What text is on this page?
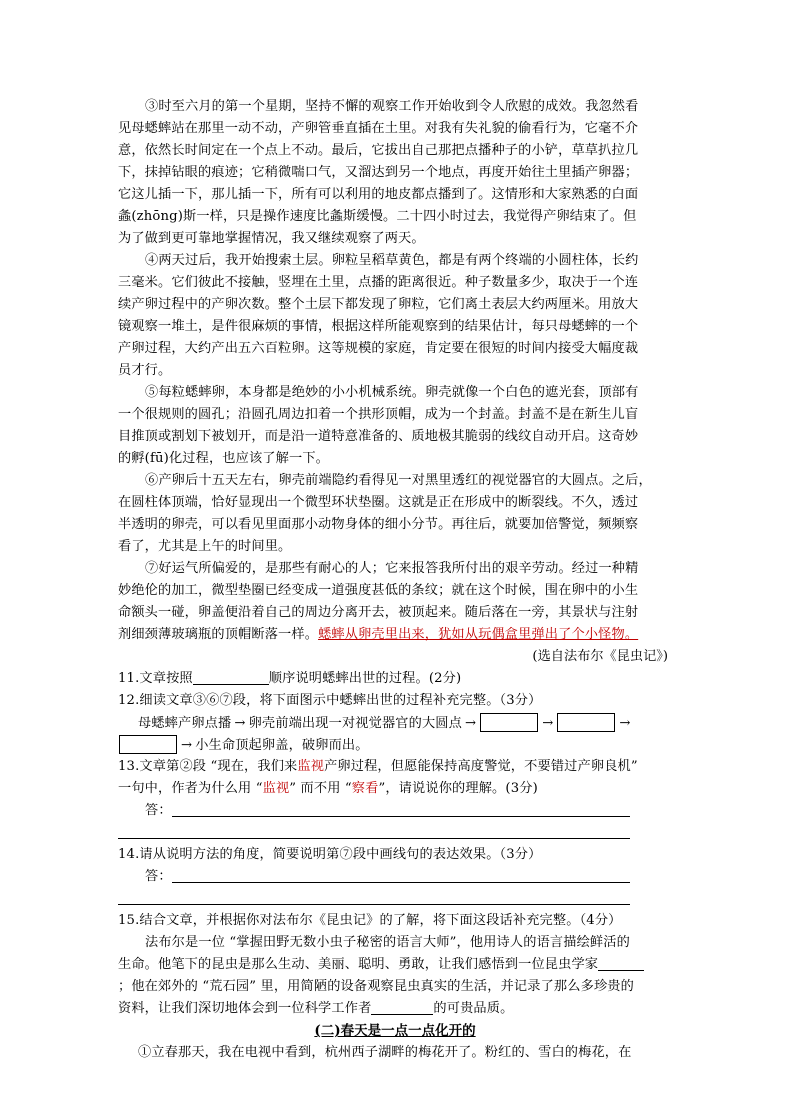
③时至六月的第一个星期，坚持不懈的观察工作开始收到令人欣慰的成效。我忽然看
见母蟋蟀站在那里一动不动，产卵管垂直插在土里。对我有失礼貌的偷看行为，它毫不介
意，依然长时间定在一个点上不动。最后，它拔出自己那把点播种子的小铲，草草扒拉几
下，抹掉钻眼的痕迹；它稍微喘口气，又溜达到另一个地点，再度开始往土里插产卵器；
它这儿插一下，那儿插一下，所有可以利用的地皮都点播到了。这情形和大家熟悉的白面
螽(zhōng)斯一样，只是操作速度比螽斯缓慢。二十四小时过去，我觉得产卵结束了。但
为了做到更可靠地掌握情况，我又继续观察了两天。
④两天过后，我开始搜索土层。卵粒呈稻草黄色，都是有两个终端的小圆柱体，长约
三毫米。它们彼此不接触，竖埋在土里，点播的距离很近。种子数量多少，取决于一个连
续产卵过程中的产卵次数。整个土层下都发现了卵粒，它们离土表层大约两厘米。用放大
镜观察一堆土，是件很麻烦的事情，根据这样所能观察到的结果估计，每只母蟋蟀的一个
产卵过程，大约产出五六百粒卵。这等规模的家庭，肯定要在很短的时间内接受大幅度裁
员才行。
⑤每粒蟋蟀卵，本身都是绝妙的小小机械系统。卵壳就像一个白色的遮光套，顶部有
一个很规则的圆孔；沿圆孔周边扣着一个拱形顶帽，成为一个封盖。封盖不是在新生儿盲
目推顶或割划下被划开，而是沿一道特意准备的、质地极其脆弱的线纹自动开启。这奇妙
的孵(fū)化过程，也应该了解一下。
⑥产卵后十五天左右，卵壳前端隐约看得见一对黑里透红的视觉器官的大圆点。之后，
在圆柱体顶端，恰好显现出一个微型环状垫圈。这就是正在形成中的断裂线。不久，透过
半透明的卵壳，可以看见里面那小动物身体的细小分节。再往后，就要加倍警觉，频频察
看了，尤其是上午的时间里。
⑦好运气所偏爱的，是那些有耐心的人；它来报答我所付出的艰辛劳动。经过一种精
妙绝伦的加工，微型垫圈已经变成一道强度甚低的条纹；就在这个时候，围在卵中的小生
命额头一碰，卵盖便沿着自己的周边分离开去，被顶起来。随后落在一旁，其景状与注射
剂细颈薄玻璃瓶的顶帽断落一样。蟋蟀从卵壳里出来，犹如从玩偶盒里弹出了个小怪物。
(选自法布尔《昆虫记》)
11.文章按照	顺序说明蟋蟀出世的过程。(2分)
12.细读文章③⑥⑦段，将下面图示中蟋蟀出世的过程补充完整。（3分）
母蟋蟀产卵点播 → 卵壳前端出现一对视觉器官的大圆点 →	→	→
→ 小生命顶起卵盖，破卵而出。
13.文章第②段 “现在，我们来监视产卵过程，但愿能保持高度警觉，不要错过产卵良机”
一句中，作者为什么用 “监视” 而不用 “察看”，请说说你的理解。(3分)
答：
14.请从说明方法的角度，简要说明第⑦段中画线句的表达效果。（3分）
答：
15.结合文章，并根据你对法布尔《昆虫记》的了解，将下面这段话补充完整。（4分）
法布尔是一位 “掌握田野无数小虫子秘密的语言大师”，他用诗人的语言描绘鲜活的
生命。他笔下的昆虫是那么生动、美丽、聪明、勇敢，让我们感悟到一位昆虫学家
；他在郊外的 “荒石园” 里，用简陋的设备观察昆虫真实的生活，并记录了那么多珍贵的
资料，让我们深切地体会到一位科学工作者	的可贵品质。
(二)春天是一点一点化开的
①立春那天，我在电视中看到，杭州西子湖畔的梅花开了。粉红的、雪白的梅花，在
